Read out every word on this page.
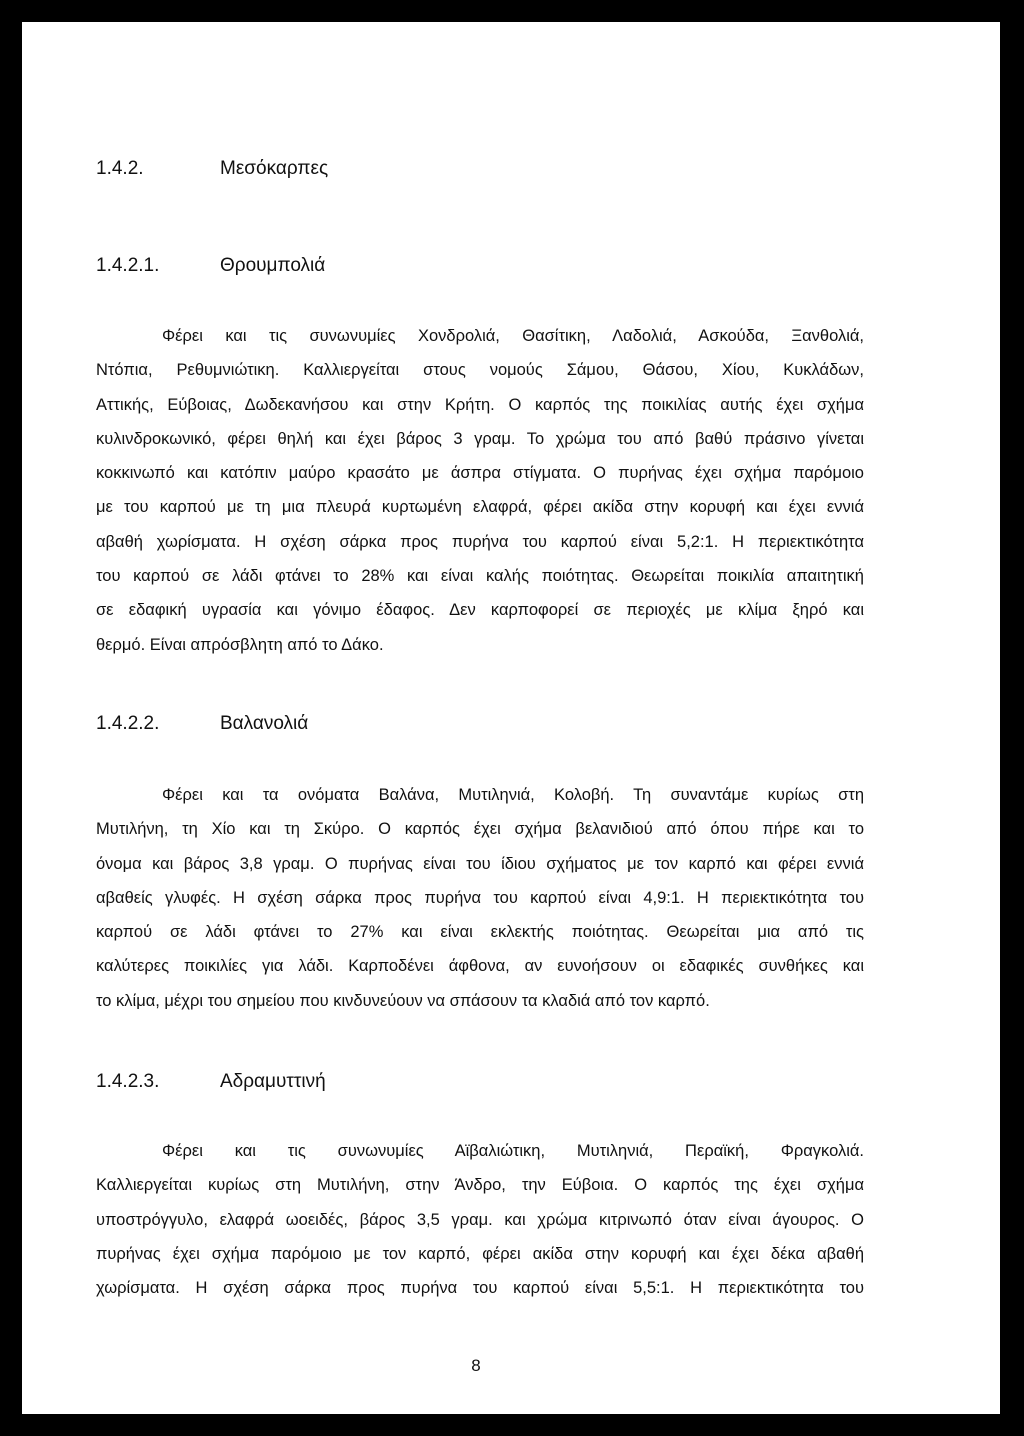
1.4.2.	Μεσόκαρπες
1.4.2.1.	Θρουμπολιά
Φέρει και τις συνωνυμίες Χονδρολιά, Θασίτικη, Λαδολιά, Ασκούδα, Ξανθολιά,
Ντόπια, Ρεθυμνιώτικη. Καλλιεργείται στους νομούς Σάμου, Θάσου, Χίου, Κυκλάδων,
Αττικής, Εύβοιας, Δωδεκανήσου και στην Κρήτη. Ο καρπός της ποικιλίας αυτής έχει σχήμα
κυλινδροκωνικό, φέρει θηλή και έχει βάρος 3 γραμ. Το χρώμα του από βαθύ πράσινο γίνεται
κοκκινωπό και κατόπιν μαύρο κρασάτο με άσπρα στίγματα. Ο πυρήνας έχει σχήμα παρόμοιο
με του καρπού με τη μια πλευρά κυρτωμένη ελαφρά, φέρει ακίδα στην κορυφή και έχει εννιά
αβαθή χωρίσματα. Η σχέση σάρκα προς πυρήνα του καρπού είναι 5,2:1. Η περιεκτικότητα
του καρπού σε λάδι φτάνει το 28% και είναι καλής ποιότητας. Θεωρείται ποικιλία απαιτητική
σε εδαφική υγρασία και γόνιμο έδαφος. Δεν καρποφορεί σε περιοχές με κλίμα ξηρό και
θερμό. Είναι απρόσβλητη από το Δάκο.
1.4.2.2.	Βαλανολιά
Φέρει και τα ονόματα Βαλάνα, Μυτιληνιά, Κολοβή. Τη συναντάμε κυρίως στη
Μυτιλήνη, τη Χίο και τη Σκύρο. Ο καρπός έχει σχήμα βελανιδιού από όπου πήρε και το
όνομα και βάρος 3,8 γραμ. Ο πυρήνας είναι του ίδιου σχήματος με τον καρπό και φέρει εννιά
αβαθείς γλυφές. Η σχέση σάρκα προς πυρήνα του καρπού είναι 4,9:1. Η περιεκτικότητα του
καρπού σε λάδι φτάνει το 27% και είναι εκλεκτής ποιότητας. Θεωρείται μια από τις
καλύτερες ποικιλίες για λάδι. Καρποδένει άφθονα, αν ευνοήσουν οι εδαφικές συνθήκες και
το κλίμα, μέχρι του σημείου που κινδυνεύουν να σπάσουν τα κλαδιά από τον καρπό.
1.4.2.3.	Αδραμυττινή
Φέρει και τις συνωνυμίες Αϊβαλιώτικη, Μυτιληνιά, Περαϊκή, Φραγκολιά.
Καλλιεργείται κυρίως στη Μυτιλήνη, στην Άνδρο, την Εύβοια. Ο καρπός της έχει σχήμα
υποστρόγγυλο, ελαφρά ωοειδές, βάρος 3,5 γραμ. και χρώμα κιτρινωπό όταν είναι άγουρος. Ο
πυρήνας έχει σχήμα παρόμοιο με τον καρπό, φέρει ακίδα στην κορυφή και έχει δέκα αβαθή
χωρίσματα. Η σχέση σάρκα προς πυρήνα του καρπού είναι 5,5:1. Η περιεκτικότητα του
8
